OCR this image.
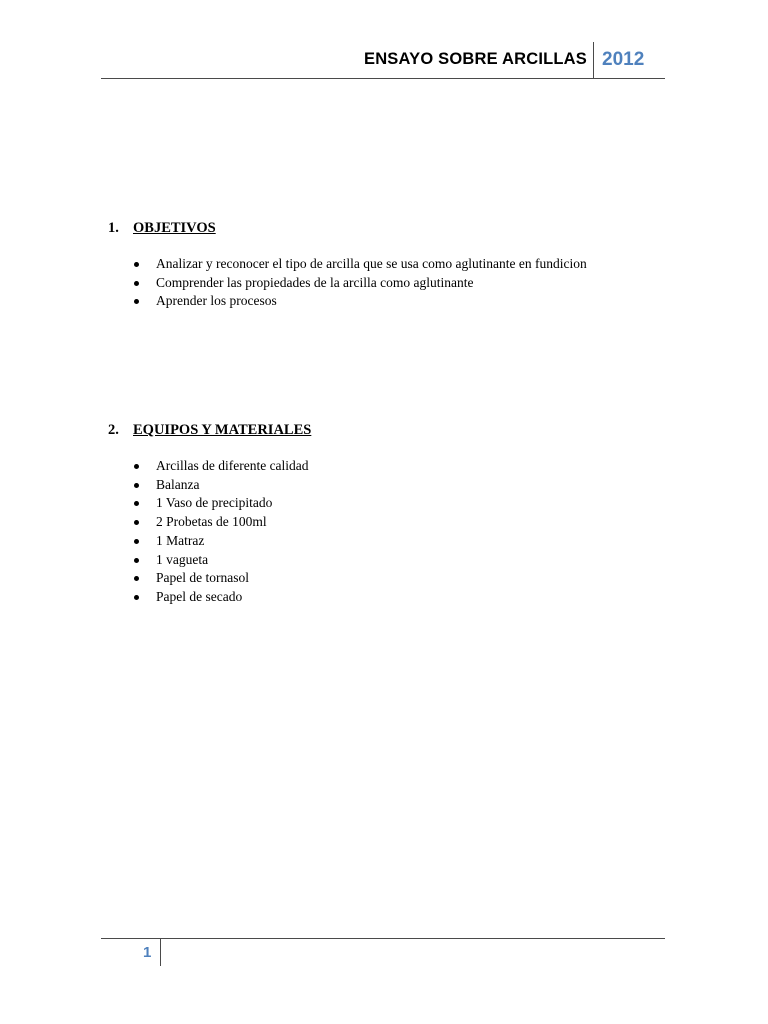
ENSAYO SOBRE ARCILLAS 2012
1. OBJETIVOS
Analizar y reconocer el tipo de arcilla que se usa como aglutinante en fundicion
Comprender las propiedades de la arcilla como aglutinante
Aprender los procesos
2. EQUIPOS Y MATERIALES
Arcillas de diferente calidad
Balanza
1 Vaso de precipitado
2 Probetas de 100ml
1 Matraz
1 vagueta
Papel de tornasol
Papel de secado
1
